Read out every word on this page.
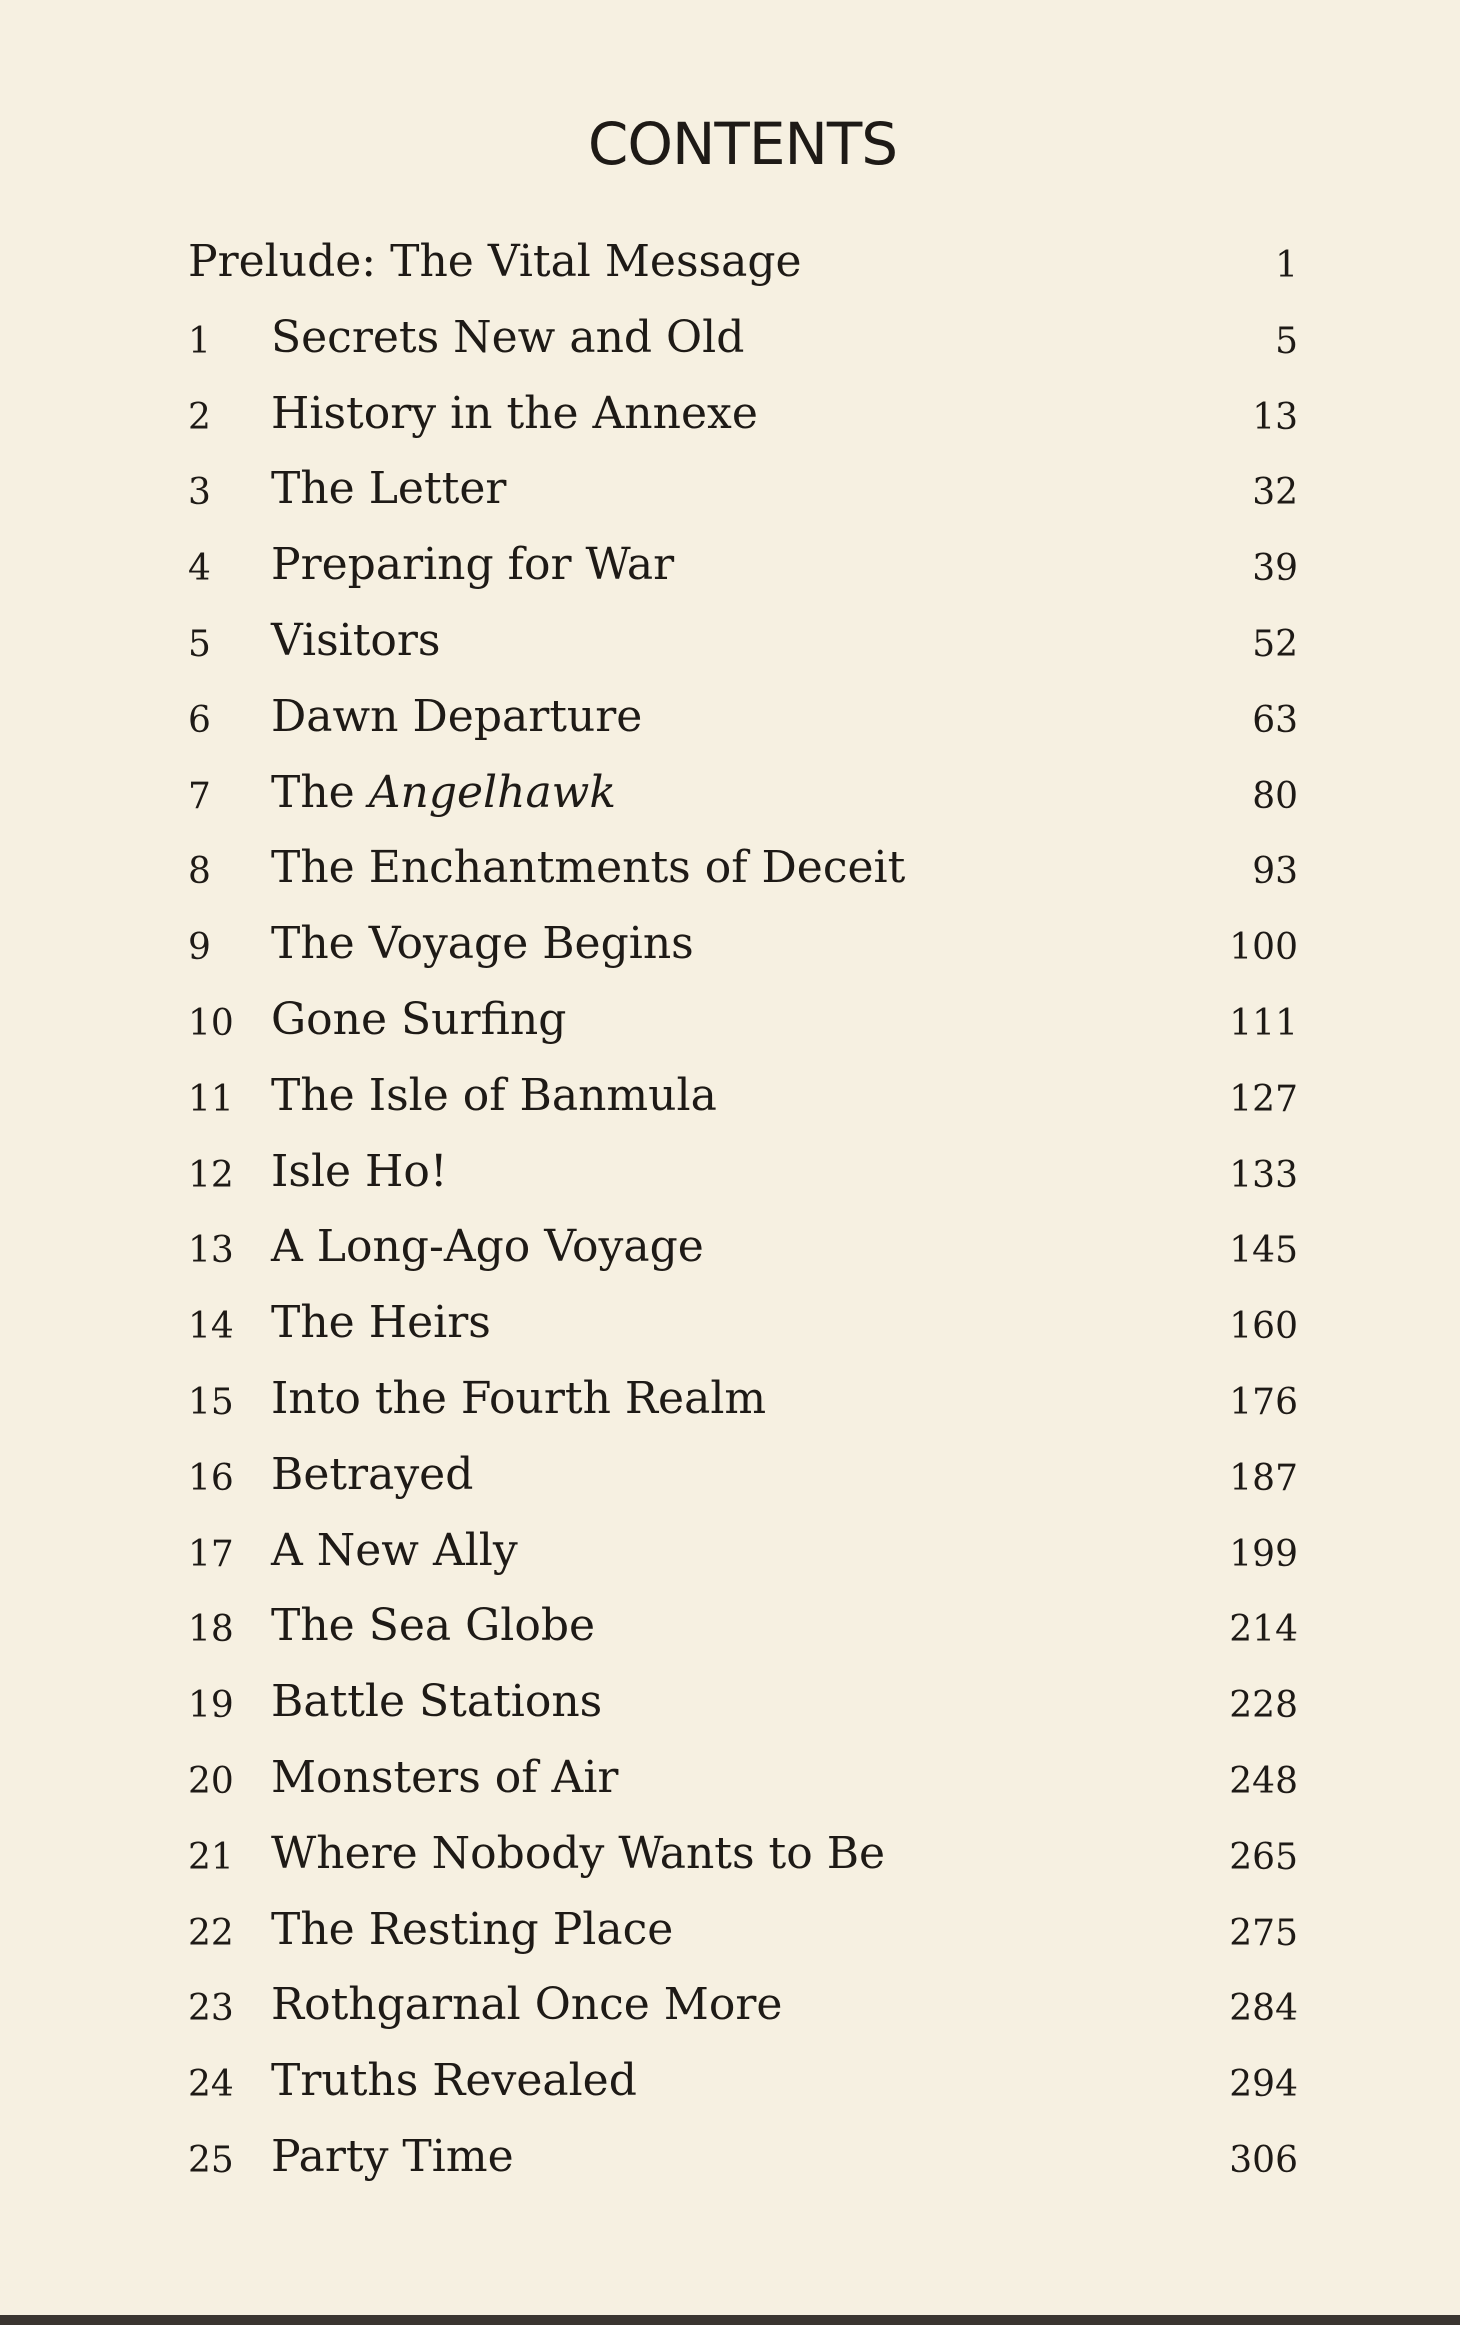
CONTENTS
Prelude: The Vital Message	1
1 Secrets New and Old	5
2 History in the Annexe	13
3 The Letter	32
4 Preparing for War	39
5 Visitors	52
6 Dawn Departure	63
7 The Angelhawk	80
8 The Enchantments of Deceit	93
9 The Voyage Begins	100
10 Gone Surfing	111
11 The Isle of Banmula	127
12 Isle Ho!	133
13 A Long-Ago Voyage	145
14 The Heirs	160
15 Into the Fourth Realm	176
16 Betrayed	187
17 A New Ally	199
18 The Sea Globe	214
19 Battle Stations	228
20 Monsters of Air	248
21 Where Nobody Wants to Be	265
22 The Resting Place	275
23 Rothgarnal Once More	284
24 Truths Revealed	294
25 Party Time	306
